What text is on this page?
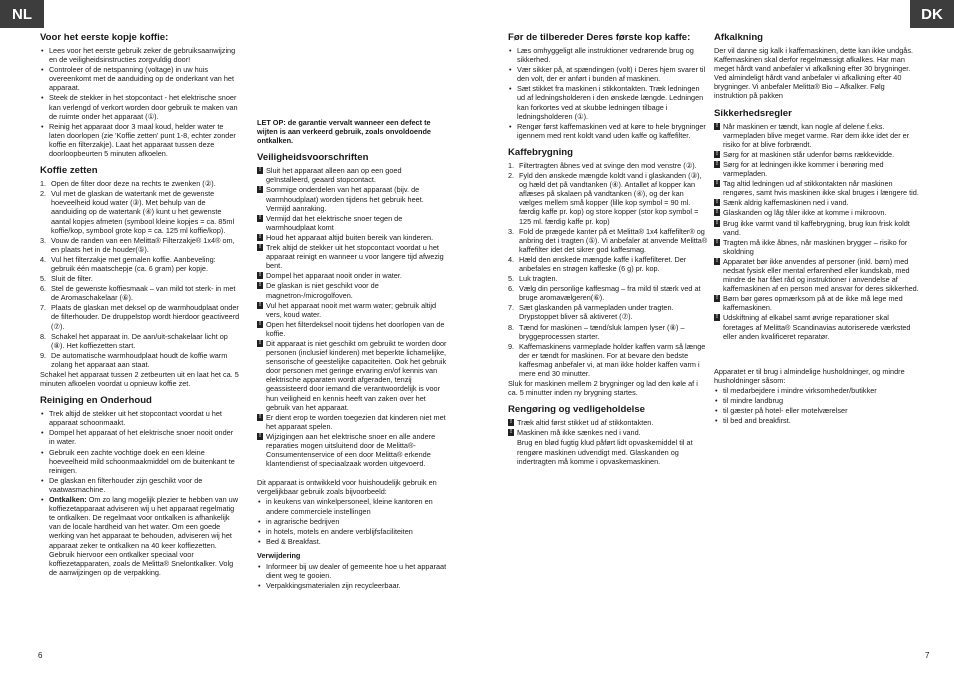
NL	DK
Voor het eerste kopje koffie:
• Lees voor het eerste gebruik zeker de gebruiksaanwijzing en de veiligheidsinstructies zorgvuldig door!
• Controleer of de netspanning (voltage) in uw huis overeenkomt met de aanduiding op de onderkant van het apparaat.
• Steek de stekker in het stopcontact - het elektrische snoer kan verlengd of verkort worden door gebruik te maken van de ruimte onder het apparaat (①).
• Reinig het apparaat door 3 maal koud, helder water te laten doorlopen (zie 'Koffie zetten' punt 1-8, echter zonder koffie en filterzakje). Laat het apparaat tussen deze doorloopbeurten 5 minuten afkoelen.
Koffie zetten
1. Open de filter door deze na rechts te zwenken (②).
2. Vul met de glaskan de watertank met de gewenste hoeveelheid koud water (③). Met behulp van de aanduiding op de watertank (④) kunt u het gewenste aantal kopjes afmeten (symbool kleine kopjes = ca. 85ml koffie/kop, symbool grote kop = ca. 125 ml koffie/kop).
3. Vouw de randen van een Melitta® Filterzakje® 1x4® om, en plaats het in de houder(⑤).
4. Vul het filterzakje met gemalen koffie. Aanbeveling: gebruik één maatschepje (ca. 6 gram) per kopje.
5. Sluit de filter.
6. Stel de gewenste koffiesmaak – van mild tot sterk- in met de Aromaschakelaar (⑥).
7. Plaats de glaskan met deksel op de warmhoudplaat onder de filterhouder. De druppelstop wordt hierdoor geactiveerd (⑦).
8. Schakel het apparaat in. De aan/uit-schakelaar licht op (⑧). Het koffiezetten start.
9. De automatische warmhoudplaat houdt de koffie warm zolang het apparaat aan staat.

Schakel het apparaat tussen 2 zetbeurten uit en laat het ca. 5 minuten afkoelen voordat u opnieuw koffie zet.

Reiniging en Onderhoud
• Trek altijd de stekker uit het stopcontact voordat u het apparaat schoonmaakt.
• Dompel het apparaat of het elektrische snoer nooit onder in water.
• Gebruik een zachte vochtige doek en een kleine hoeveelheid mild schoonmaakmiddel om de buitenkant te reinigen.
• De glaskan en filterhouder zijn geschikt voor de vaatwasmachine.
• Ontkalken: Om zo lang mogelijk plezier te hebben van uw koffiezetapparaat adviseren wij u het apparaat regelmatig te ontkalken. De regelmaat voor ontkalken is afhankelijk van de locale hardheid van het water. Om een goede werking van het apparaat te behouden, adviseren wij het apparaat zeker te ontkalken na 40 keer koffiezetten. Gebruik hiervoor een ontkalker speciaal voor koffiezetapparaten, zoals de Melitta® Snelontkalker. Volg de aanwijzingen op de verpakking.

LET OP: de garantie vervalt wanneer een defect te wijten is aan verkeerd gebruik, zoals onvoldoende ontkalken.

Veiligheidsvoorschriften
! Sluit het apparaat alleen aan op een goed geïnstalleerd, geaard stopcontact.
! Sommige onderdelen van het apparaat (bijv. de warmhoudplaat) worden tijdens het gebruik heet. Vermijd aanraking.
! Vermijd dat het elektrische snoer tegen de warmhoudplaat komt
! Houd het apparaat altijd buiten bereik van kinderen.
! Trek altijd de stekker uit het stopcontact voordat u het apparaat reinigt en wanneer u voor langere tijd afwezig bent.
! Dompel het apparaat nooit onder in water.
! De glaskan is niet geschikt voor de magnetron-/microgolfoven.
! Vul het apparaat nooit met warm water; gebruik altijd vers, koud water.
! Open het filterdeksel nooit tijdens het doorlopen van de koffie.
! Dit apparaat is niet geschikt om gebruikt te worden door personen (inclusief kinderen) met beperkte lichamelijke, sensorische of geestelijke capaciteiten. Ook het gebruik door personen met geringe ervaring en/of kennis van elektrische apparaten wordt afgeraden, tenzij geassisteerd door iemand die verantwoordelijk is voor hun veiligheid en kennis heeft van zaken over het gebruik van het apparaat.
! Er dient erop te worden toegezien dat kinderen niet met het apparaat spelen.
! Wijzigingen aan het elektrische snoer en alle andere reparaties mogen uitsluitend door de Melitta®-Consumentenservice of een door Melitta® erkende klantendienst of speciaalzaak worden uitgevoerd.

Dit apparaat is ontwikkeld voor huishoudelijk gebruik en vergelijkbaar gebruik zoals bijvoorbeeld:

• in keukens van winkelpersoneel, kleine kantoren en andere commerciele instellingen
• in agrarische bedrijven
• in hotels, motels en andere verblijfsfaciliteiten
• Bed & Breakfast.
Verwijdering
• Informeer bij uw dealer of gemeente hoe u het apparaat dient weg te gooien.
• Verpakkingsmaterialen zijn recycleerbaar.
Før de tilbereder Deres første kop kaffe:
• Læs omhyggeligt alle instruktioner vedrørende brug og sikkerhed.
• Vær sikker på, at spændingen (volt) i Deres hjem svarer til den volt, der er anført i bunden af maskinen.
• Sæt stikket fra maskinen i stikkontakten. Træk ledningen ud af ledningsholderen i den ønskede længde. Ledningen kan forkortes ved at skubbe ledningen tilbage i ledningsholderen (①).
• Rengør først kaffemaskinen ved at køre to hele brygninger igennem med rent koldt vand uden kaffe og kaffefilter.
Kaffebrygning
1. Filtertragten åbnes ved at svinge den mod venstre (②).
2. Fyld den ønskede mængde koldt vand i glaskanden (③), og hæld det på vandtanken (④). Antallet af kopper kan aflæses på skalaen på vandtanken (④), og der kan vælges mellem små kopper (lille kop symbol = 90 ml. færdig kaffe pr. kop) og store kopper (stor kop symbol = 125 ml. færdig kaffe pr. kop)
3. Fold de prægede kanter på et Melitta® 1x4 kaffefilter® og anbring det i tragten (⑤). Vi anbefaler at anvende Melitta® kaffefilter idet det sikrer god kaffesmag.
4. Hæld den ønskede mængde kaffe i kaffefilteret. Der anbefales en strøgen kaffeske (6 g) pr. kop.
5. Luk tragten.
6. Vælg din personlige kaffesmag – fra mild til stærk ved at bruge aromavælgeren(⑥).
7. Sæt glaskanden på varmepladen under tragten. Drypstoppet bliver så aktiveret (⑦).
8. Tænd for maskinen – tænd/sluk lampen lyser (⑧) – bryggeprocessen starter.
9. Kaffemaskinens varmeplade holder kaffen varm så længe der er tændt for maskinen. For at bevare den bedste kaffesmag anbefaler vi, at man ikke holder kaffen varm i mere end 30 minutter.

Sluk for maskinen mellem 2 brygninger og lad den køle af i ca. 5 minutter inden ny brygning startes.

Rengøring og vedligeholdelse
! Træk altid først stikket ud af stikkontakten.
! Maskinen må ikke sænkes ned i vand.

Brug en blød fugtig klud påført lidt opvaskemiddel til at rengøre maskinen udvendigt med. Glaskanden og indertragten må komme i opvaskemaskinen.

Afkalkning

Der vil danne sig kalk i kaffemaskinen, dette kan ikke undgås. Kaffemaskinen skal derfor regelmæssigt afkalkes. Har man meget hårdt vand anbefaler vi afkalkning efter 30 brygninger. Ved almindeligt hårdt vand anbefaler vi afkalkning efter 40 brygninger. Vi anbefaler Melitta® Bio – Afkalker. Følg instruktion på pakken

Sikkerhedsregler
! Når maskinen er tændt, kan nogle af delene f.eks. varmepladen blive meget varme. Rør dem ikke idet der er risiko for at blive forbrændt.
! Sørg for at maskinen står udenfor børns rækkevidde.
! Sørg for at ledningen ikke kommer i berøring med varmepladen.
! Tag altid ledningen ud af stikkontakten når maskinen rengøres, samt hvis maskinen ikke skal bruges i længere tid.
! Sænk aldrig kaffemaskinen ned i vand.
! Glaskanden og låg tåler ikke at komme i mikroovn.
! Brug ikke varmt vand til kaffebrygning, brug kun frisk koldt vand.
! Tragten må ikke åbnes, når maskinen brygger – risiko for skoldning
! Apparatet bør ikke anvendes af personer (inkl. børn) med nedsat fysisk eller mental erfarenhed eller kundskab, med mindre de har fået råd og instruktioner i anvendelse af kaffemaskinen af en person med ansvar for deres sikkerhed.
! Børn bør gøres opmærksom på at de ikke må lege med kaffemaskinen.
! Udskiftning af elkabel samt øvrige reparationer skal foretages af Melitta® Scandinavias autoriserede værksted eller anden kvalificeret reparatør.

Apparatet er til brug i almindelige husholdninger, og mindre husholdninger såsom:

• til medarbejdere i mindre virksomheder/butikker
• til mindre landbrug
• til gæster på hotel- eller motelværelser
• til bed and breakfirst.
6	7
